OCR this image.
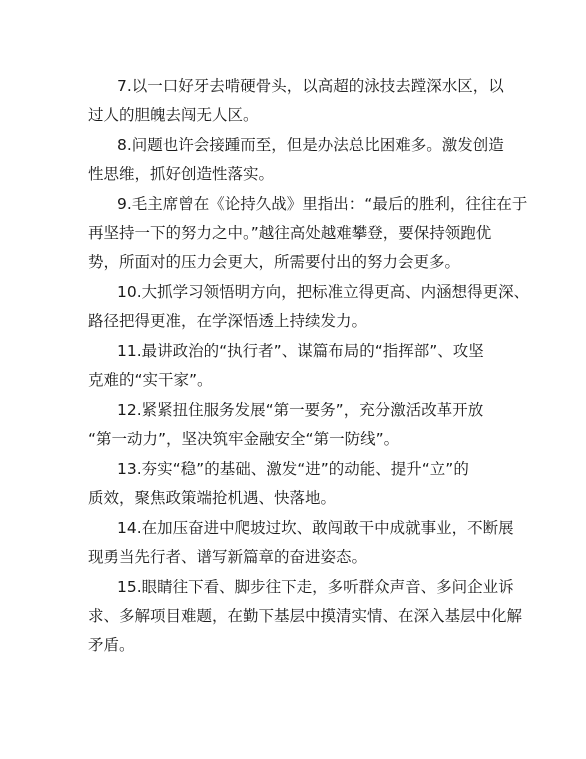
7.以一口好牙去啃硬骨头，以高超的泳技去蹚深水区，以
过人的胆魄去闯无人区。

8.问题也许会接踵而至，但是办法总比困难多。激发创造
性思维，抓好创造性落实。

9.毛主席曾在《论持久战》里指出：“最后的胜利，往往在于
再坚持一下的努力之中。”越往高处越难攀登，要保持领跑优
势，所面对的压力会更大，所需要付出的努力会更多。

10.大抓学习领悟明方向，把标准立得更高、内涵想得更深、
路径把得更准，在学深悟透上持续发力。

11.最讲政治的“执行者”、谋篇布局的“指挥部”、攻坚
克难的“实干家”。

12.紧紧扭住服务发展“第一要务”，充分激活改革开放
“第一动力”，坚决筑牢金融安全“第一防线”。

13.夯实“稳”的基础、激发“进”的动能、提升“立”的
质效，聚焦政策端抢机遇、快落地。

14.在加压奋进中爬坡过坎、敢闯敢干中成就事业，不断展
现勇当先行者、谱写新篇章的奋进姿态。

15.眼睛往下看、脚步往下走，多听群众声音、多问企业诉
求、多解项目难题，在勤下基层中摸清实情、在深入基层中化解
矛盾。
